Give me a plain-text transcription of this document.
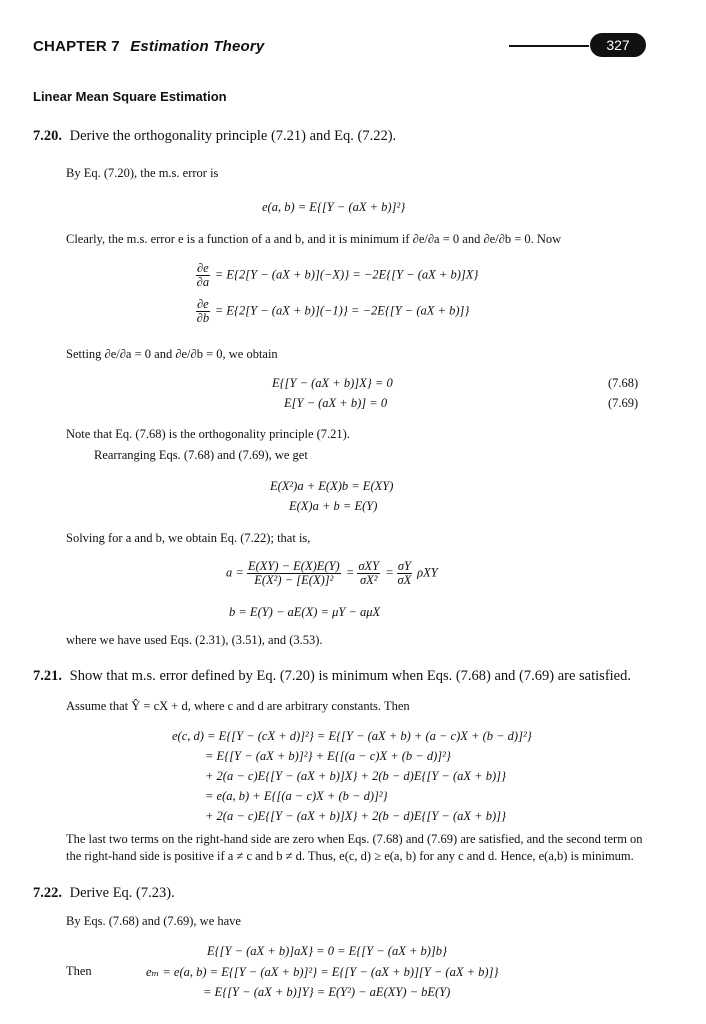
CHAPTER 7 Estimation Theory	327
Linear Mean Square Estimation
7.20. Derive the orthogonality principle (7.21) and Eq. (7.22).
By Eq. (7.20), the m.s. error is
e(a, b) = E{[Y − (aX + b)]²}
Clearly, the m.s. error e is a function of a and b, and it is minimum if ∂e/∂a = 0 and ∂e/∂b = 0. Now
$\frac{\partial e}{\partial a} = E\{2[Y - (aX + b)](-X)\} = -2E\{[Y - (aX + b)]X\}$
$\frac{\partial e}{\partial b} = E\{2[Y - (aX + b)](-1)\} = -2E\{[Y - (aX + b)]\}$
Setting ∂e/∂a = 0 and ∂e/∂b = 0, we obtain
E{[Y − (aX + b)]X} = 0	(7.68)
E[Y − (aX + b)] = 0	(7.69)
Note that Eq. (7.68) is the orthogonality principle (7.21).
Rearranging Eqs. (7.68) and (7.69), we get
E(X²)a + E(X)b = E(XY)
E(X)a + b = E(Y)
Solving for a and b, we obtain Eq. (7.22); that is,
$a = \frac{E(XY) - E(X)E(Y)}{\text{E(X²) − [E(X)]²}} = \frac{\text{σXY}}{\text{σX²}} = \frac{\sigma Y}{\sigma X}$ ρXY
b = E(Y) − aE(X) = μY − aμX
where we have used Eqs. (2.31), (3.51), and (3.53).
7.21. Show that m.s. error defined by Eq. (7.20) is minimum when Eqs. (7.68) and (7.69) are satisfied.
Assume that Ŷ = cX + d, where c and d are arbitrary constants. Then
e(c, d) = E{[Y − (cX + d)]²} = E{[Y − (aX + b) + (a − c)X + (b − d)]²}
= E{[Y − (aX + b)]²} + E{[(a − c)X + (b − d)]²}
+ 2(a − c)E{[Y − (aX + b)]X} + 2(b − d)E{[Y − (aX + b)]}
= e(a, b) + E{[(a − c)X + (b − d)]²}
+ 2(a − c)E{[Y − (aX + b)]X} + 2(b − d)E{[Y − (aX + b)]}
The last two terms on the right-hand side are zero when Eqs. (7.68) and (7.69) are satisfied, and the second term on the right-hand side is positive if a ≠ c and b ≠ d. Thus, e(c, d) ≥ e(a, b) for any c and d. Hence, e(a,b) is minimum.
7.22. Derive Eq. (7.23).
By Eqs. (7.68) and (7.69), we have
E{[Y − (aX + b)]aX} = 0 = E{[Y − (aX + b)]b}
Then	eₘ = e(a, b) = E{[Y − (aX + b)]²} = E{[Y − (aX + b)][Y − (aX + b)]}
= E{[Y − (aX + b)]Y} = E(Y²) − aE(XY) − bE(Y)
